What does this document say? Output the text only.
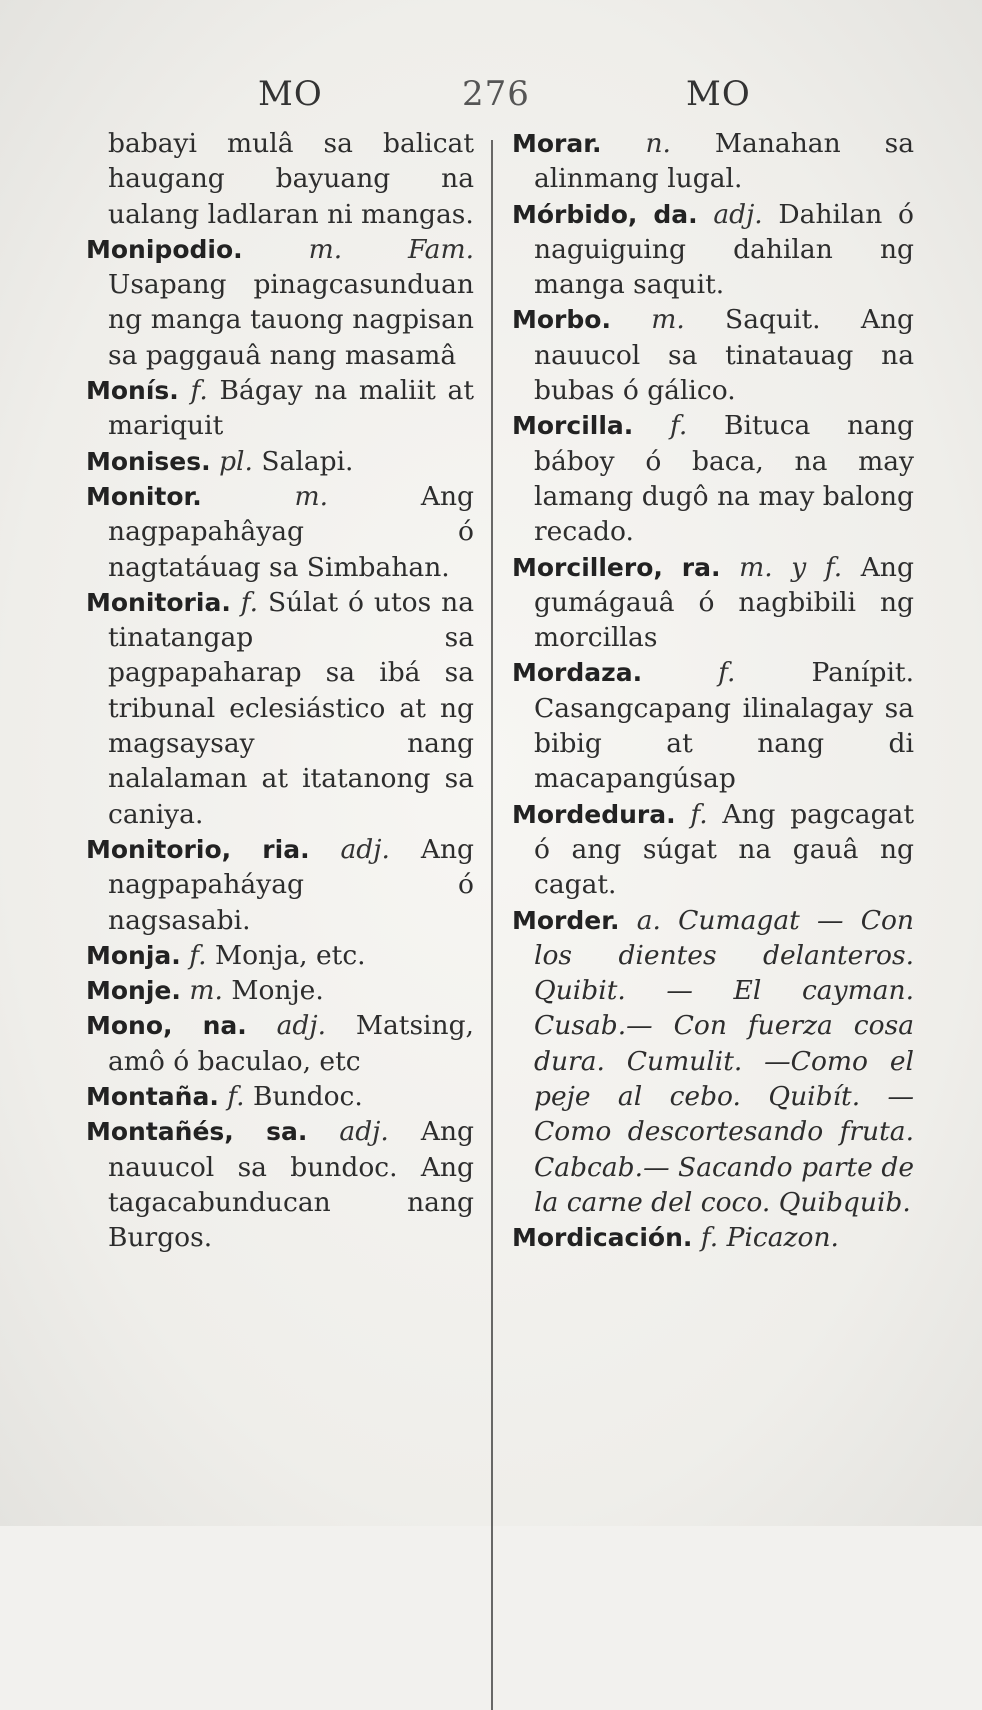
MO	276	MO

babayi mulâ sa balicat haugang bayuang na ualang ladlaran ni mangas.

Monipodio. m. Fam. Usapang pinagcasunduan ng manga tauong nagpisan sa paggauâ nang masamâ

Monís. f. Bágay na maliit at mariquit

Monises. pl. Salapi.

Monitor.	m.	Ang nagpapahâyag ó nagtatáuag sa Simbahan.

Monitoria. f. Súlat ó utos na tinatangap sa pagpapaharap sa ibá sa tribunal eclesiástico at ng magsaysay nang nalalaman at itatanong sa caniya.

Monitorio, ria. adj. Ang nagpapaháyag ó nagsasabi.

Monja. f. Monja, etc.

Monje. m. Monje.

Mono, na. adj. Matsing, amô ó baculao, etc

Montaña. f. Bundoc.

Montañés, sa. adj. Ang nauucol sa bundoc. Ang tagacabunducan nang Burgos.

Morar. n. Manahan sa alinmang lugal.

Mórbido, da. adj. Dahilan ó naguiguing dahilan ng manga saquit.

Morbo. m. Saquit. Ang nauucol sa tinatauag na bubas ó gálico.

Morcilla. f. Bituca nang báboy ó baca, na may lamang dugô na may balong recado.

Morcillero, ra. m. y f. Ang gumágauâ ó nagbibili ng morcillas

Mordaza.	f.	Panípit. Casangcapang ilinalagay sa bibig at nang di macapangúsap

Mordedura. f. Ang pagcagat ó ang súgat na gauâ ng cagat.

Morder. a. Cumagat — Con los dientes delanteros. Quibit. — El cayman. Cusab.— Con fuerza cosa dura. Cumulit. —Como el peje al cebo. Quibít. — Como descortesando fruta. Cabcab.— Sacando parte de la carne del coco. Quibquib.

Mordicación. f. Picazon.
